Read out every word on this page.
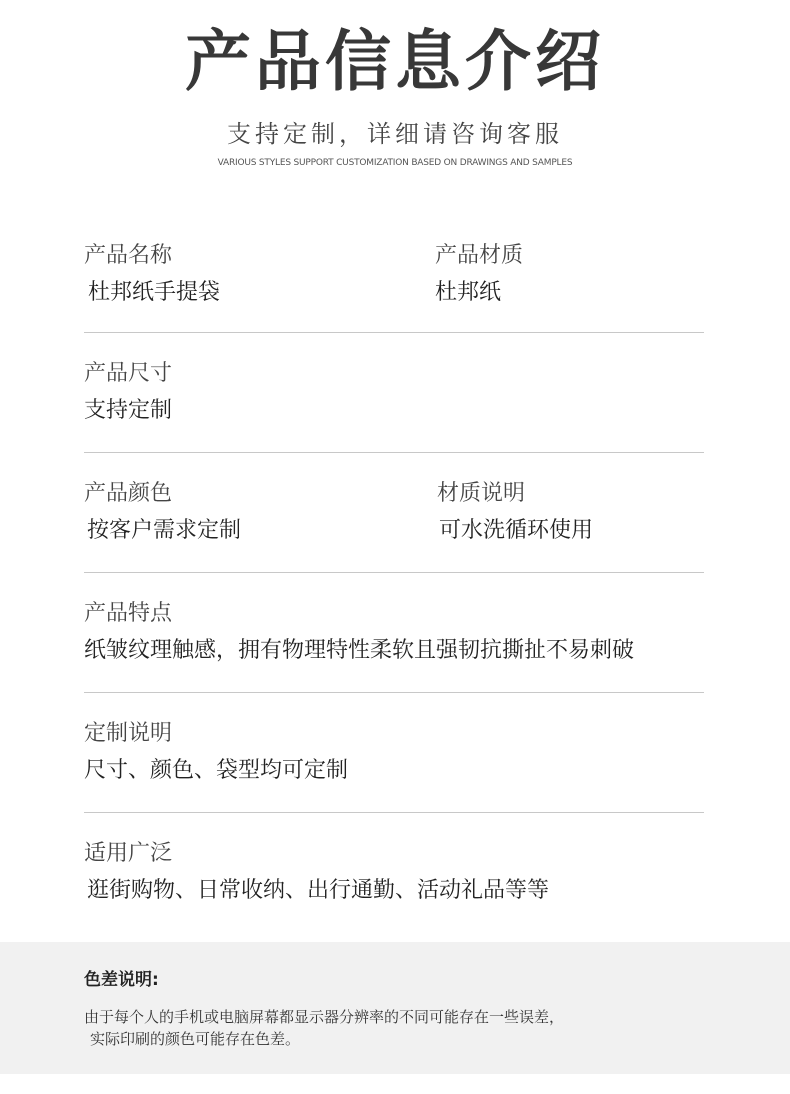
产品信息介绍
支持定制，详细请咨询客服
VARIOUS STYLES SUPPORT CUSTOMIZATION BASED ON DRAWINGS AND SAMPLES
产品名称
杜邦纸手提袋
产品材质
杜邦纸
产品尺寸
支持定制
产品颜色
按客户需求定制
材质说明
可水洗循环使用
产品特点
纸皱纹理触感，拥有物理特性柔软且强韧抗撕扯不易刺破
定制说明
尺寸、颜色、袋型均可定制
适用广泛
逛街购物、日常收纳、出行通勤、活动礼品等等
色差说明:
由于每个人的手机或电脑屏幕都显示器分辨率的不同可能存在一些误差，
实际印刷的颜色可能存在色差。
